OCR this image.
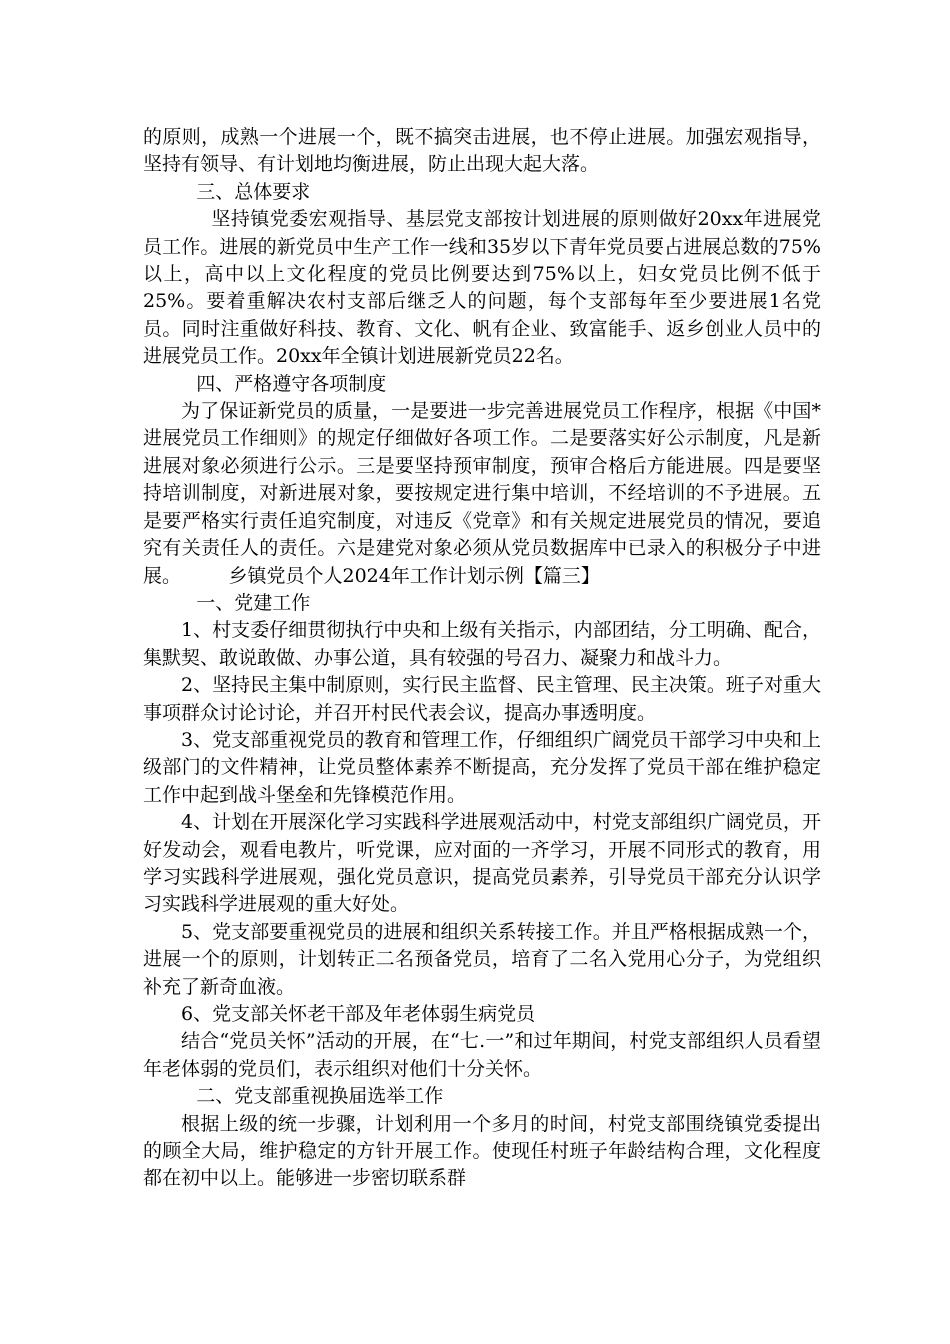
的原则，成熟一个进展一个，既不搞突击进展，也不停止进展。加强宏观指导，坚持有领导、有计划地均衡进展，防止出现大起大落。

三、总体要求

坚持镇党委宏观指导、基层党支部按计划进展的原则做好20xx年进展党员工作。进展的新党员中生产工作一线和35岁以下青年党员要占进展总数的75%以上，高中以上文化程度的党员比例要达到75%以上，妇女党员比例不低于25%。要着重解决农村支部后继乏人的问题，每个支部每年至少要进展1名党员。同时注重做好科技、教育、文化、帆有企业、致富能手、返乡创业人员中的进展党员工作。20xx年全镇计划进展新党员22名。

四、严格遵守各项制度

为了保证新党员的质量，一是要进一步完善进展党员工作程序，根据《中国*进展党员工作细则》的规定仔细做好各项工作。二是要落实好公示制度，凡是新进展对象必须进行公示。三是要坚持预审制度，预审合格后方能进展。四是要坚持培训制度，对新进展对象，要按规定进行集中培训，不经培训的不予进展。五是要严格实行责任追究制度，对违反《党章》和有关规定进展党员的情况，要追究有关责任人的责任。六是建党对象必须从党员数据库中已录入的积极分子中进展。　　　乡镇党员个人2024年工作计划示例【篇三】

一、党建工作

1、村支委仔细贯彻执行中央和上级有关指示，内部团结，分工明确、配合，集默契、敢说敢做、办事公道，具有较强的号召力、凝聚力和战斗力。

2、坚持民主集中制原则，实行民主监督、民主管理、民主决策。班子对重大事项群众讨论讨论，并召开村民代表会议，提高办事透明度。

3、党支部重视党员的教育和管理工作，仔细组织广阔党员干部学习中央和上级部门的文件精神，让党员整体素养不断提高，充分发挥了党员干部在维护稳定工作中起到战斗堡垒和先锋模范作用。

4、计划在开展深化学习实践科学进展观活动中，村党支部组织广阔党员，开好发动会，观看电教片，听党课，应对面的一齐学习，开展不同形式的教育，用学习实践科学进展观，强化党员意识，提高党员素养，引导党员干部充分认识学习实践科学进展观的重大好处。

5、党支部要重视党员的进展和组织关系转接工作。并且严格根据成熟一个，进展一个的原则，计划转正二名预备党员，培育了二名入党用心分子，为党组织补充了新奇血液。

6、党支部关怀老干部及年老体弱生病党员

结合“党员关怀”活动的开展，在“七.一”和过年期间，村党支部组织人员看望年老体弱的党员们，表示组织对他们十分关怀。

二、党支部重视换届选举工作

根据上级的统一步骤，计划利用一个多月的时间，村党支部围绕镇党委提出的顾全大局，维护稳定的方针开展工作。使现任村班子年龄结构合理，文化程度都在初中以上。能够进一步密切联系群
